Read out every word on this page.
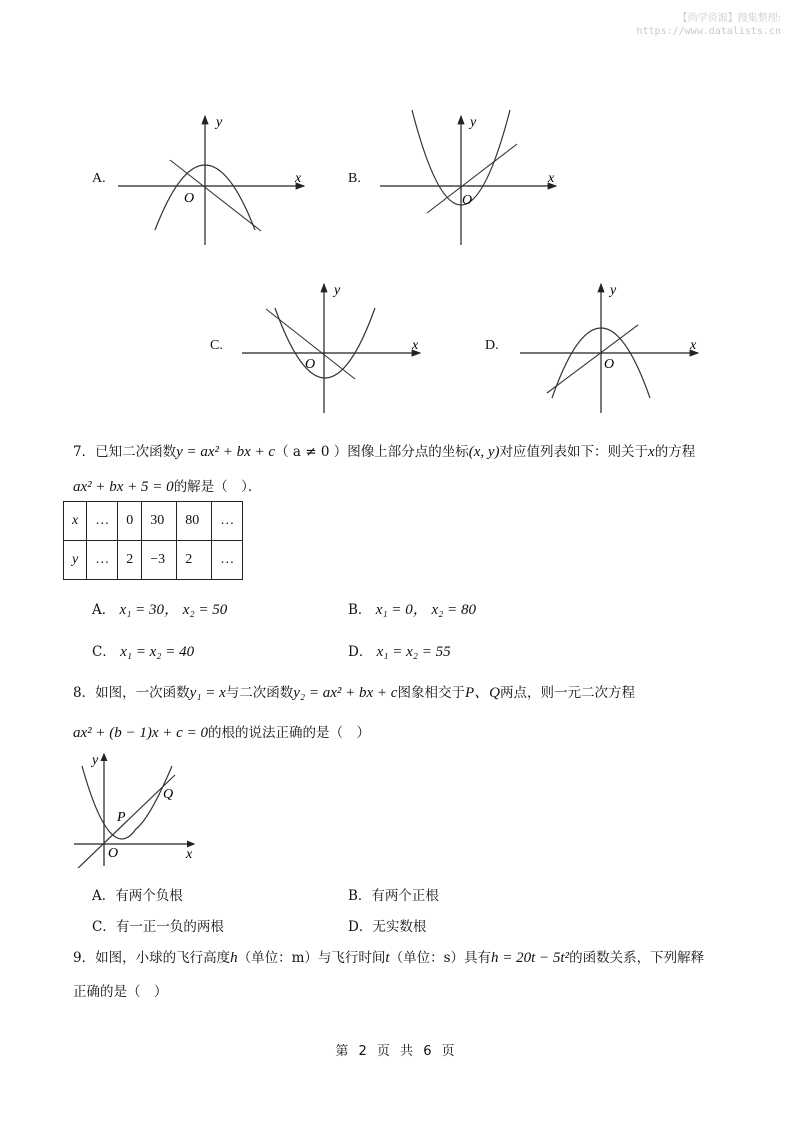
【尚学资源】搜集整理:
https://www.datalists.cn
A.
y
x
O
B.
y
x
O
C.
y
x
O
D.
y
x
O
7．已知二次函数y = ax² + bx + c（ a ≠ 0 ）图像上部分点的坐标(x, y)对应值列表如下：则关于x的方程
ax² + bx + 5 = 0的解是（　）．
x	…	0	30	80	…
y	…	2	−3	2	…
A． x₁ = 30， x₂ = 50	B． x₁ = 0， x₂ = 80
C． x₁ = x₂ = 40	D． x₁ = x₂ = 55
8．如图，一次函数y₁ = x与二次函数y₂ = ax² + bx + c图象相交于P、Q两点，则一元二次方程
ax² + (b − 1)x + c = 0的根的说法正确的是（　）
y
x
O
P
Q
A．有两个负根	B．有两个正根
C．有一正一负的两根	D．无实数根
9．如图，小球的飞行高度h（单位：m）与飞行时间t（单位：s）具有h = 20t − 5t²的函数关系，下列解释
正确的是（　）
第 2 页 共 6 页
